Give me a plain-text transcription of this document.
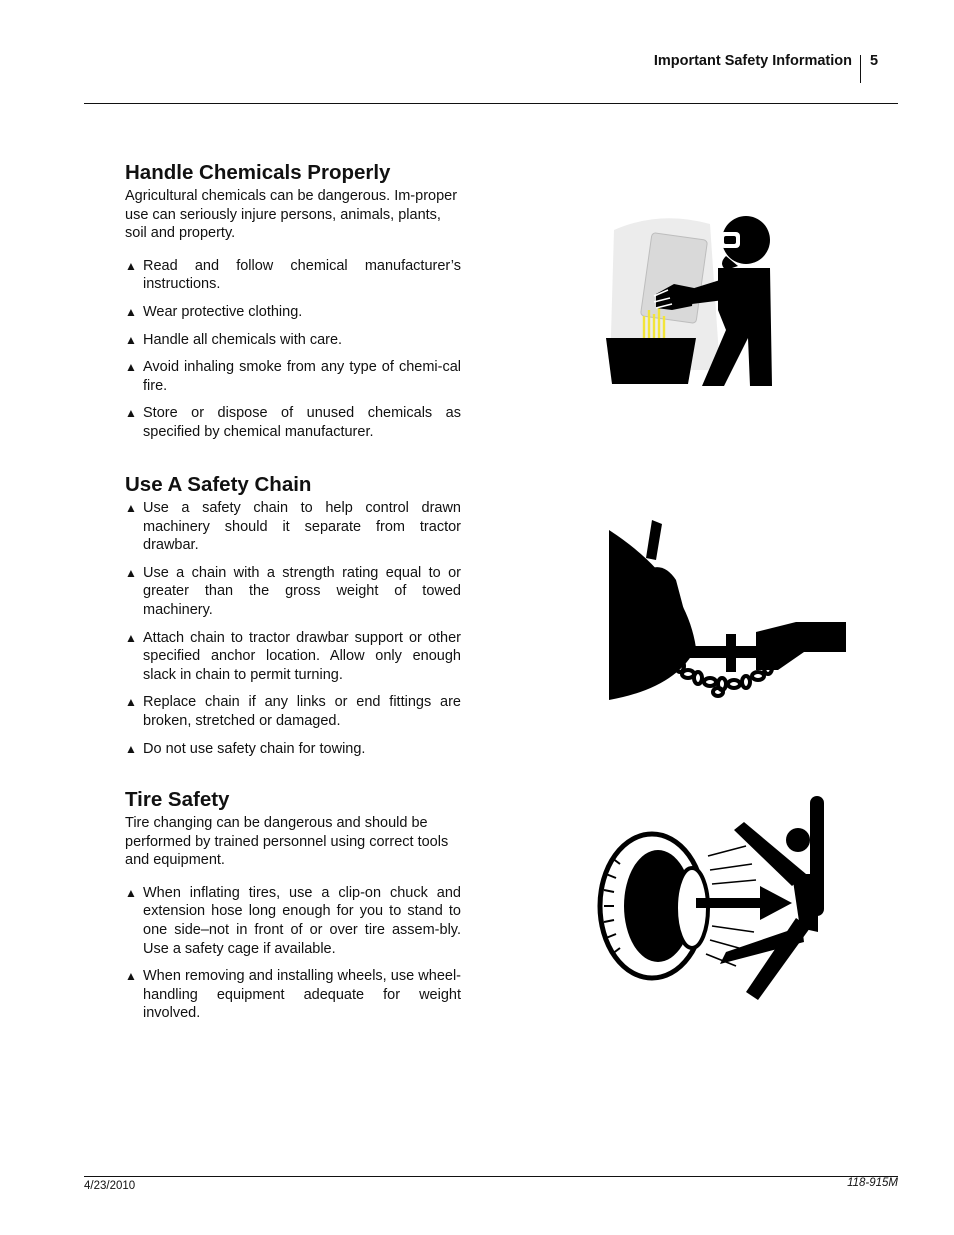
Important Safety Information 5
Handle Chemicals Properly

Agricultural chemicals can be dangerous. Im-proper use can seriously injure persons, animals, plants, soil and property.

▲ Read and follow chemical manufacturer’s instructions.
▲ Wear protective clothing.
▲ Handle all chemicals with care.
▲ Avoid inhaling smoke from any type of chemi-cal fire.
▲ Store or dispose of unused chemicals as specified by chemical manufacturer.
Use A Safety Chain
▲ Use a safety chain to help control drawn machinery should it separate from tractor drawbar.
▲ Use a chain with a strength rating equal to or greater than the gross weight of towed machinery.
▲ Attach chain to tractor drawbar support or other specified anchor location. Allow only enough slack in chain to permit turning.
▲ Replace chain if any links or end fittings are broken, stretched or damaged.
▲ Do not use safety chain for towing.
Tire Safety

Tire changing can be dangerous and should be performed by trained personnel using correct tools and equipment.

▲ When inflating tires, use a clip-on chuck and extension hose long enough for you to stand to one side–not in front of or over tire assem-bly. Use a safety cage if available.
▲ When removing and installing wheels, use wheel-handling equipment adequate for weight involved.
4/23/2010	118-915M
